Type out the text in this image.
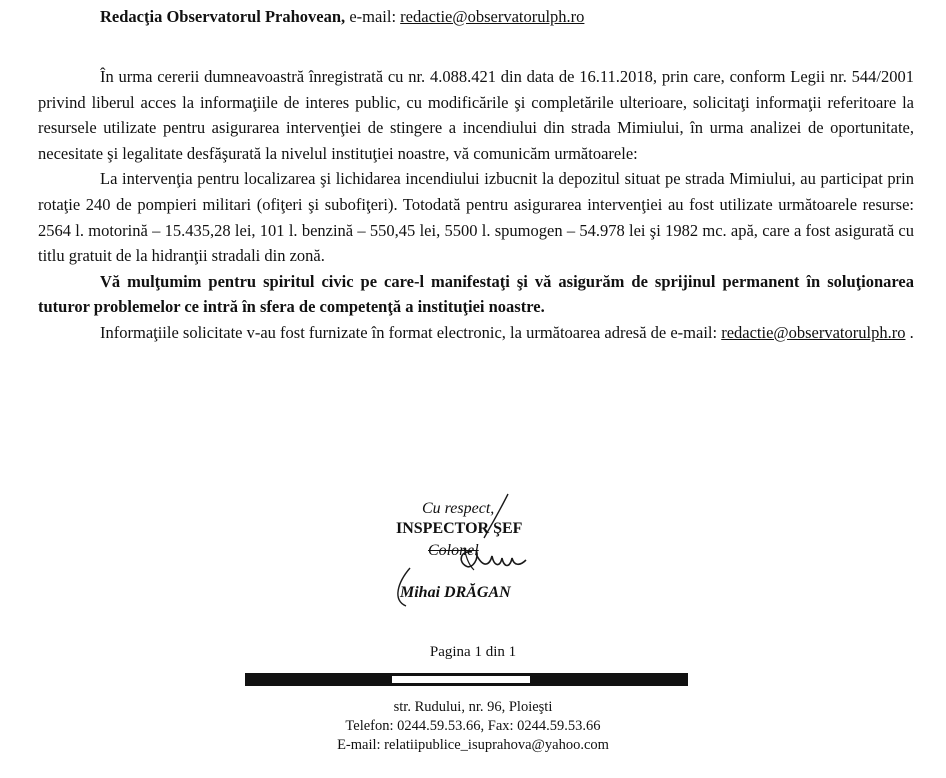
Redacţia Observatorul Prahovean, e-mail: redactie@observatorulph.ro

În urma cererii dumneavoastră înregistrată cu nr. 4.088.421 din data de 16.11.2018, prin care, conform Legii nr. 544/2001 privind liberul acces la informaţiile de interes public, cu modificările şi completările ulterioare, solicitaţi informaţii referitoare la resursele utilizate pentru asigurarea intervenţiei de stingere a incendiului din strada Mimiului, în urma analizei de oportunitate, necesitate şi legalitate desfăşurată la nivelul instituţiei noastre, vă comunicăm următoarele:

La intervenţia pentru localizarea şi lichidarea incendiului izbucnit la depozitul situat pe strada Mimiului, au participat prin rotaţie 240 de pompieri militari (ofiţeri şi subofiţeri). Totodată pentru asigurarea intervenţiei au fost utilizate următoarele resurse: 2564 l. motorină – 15.435,28 lei, 101 l. benzină – 550,45 lei, 5500 l. spumogen – 54.978 lei şi 1982 mc. apă, care a fost asigurată cu titlu gratuit de la hidranţii stradali din zonă.

Vă mulţumim pentru spiritul civic pe care-l manifestaţi şi vă asigurăm de sprijinul permanent în soluţionarea tuturor problemelor ce intră în sfera de competenţă a instituţiei noastre.

Informaţiile solicitate v-au fost furnizate în format electronic, la următoarea adresă de e-mail: redactie@observatorulph.ro .

Cu respect,
INSPECTOR ŞEF
Colonel
Mihai DRĂGAN
Pagina 1 din 1
str. Rudului, nr. 96, Ploieşti
Telefon: 0244.59.53.66, Fax: 0244.59.53.66
E-mail: relatiipublice_isuprahova@yahoo.com
